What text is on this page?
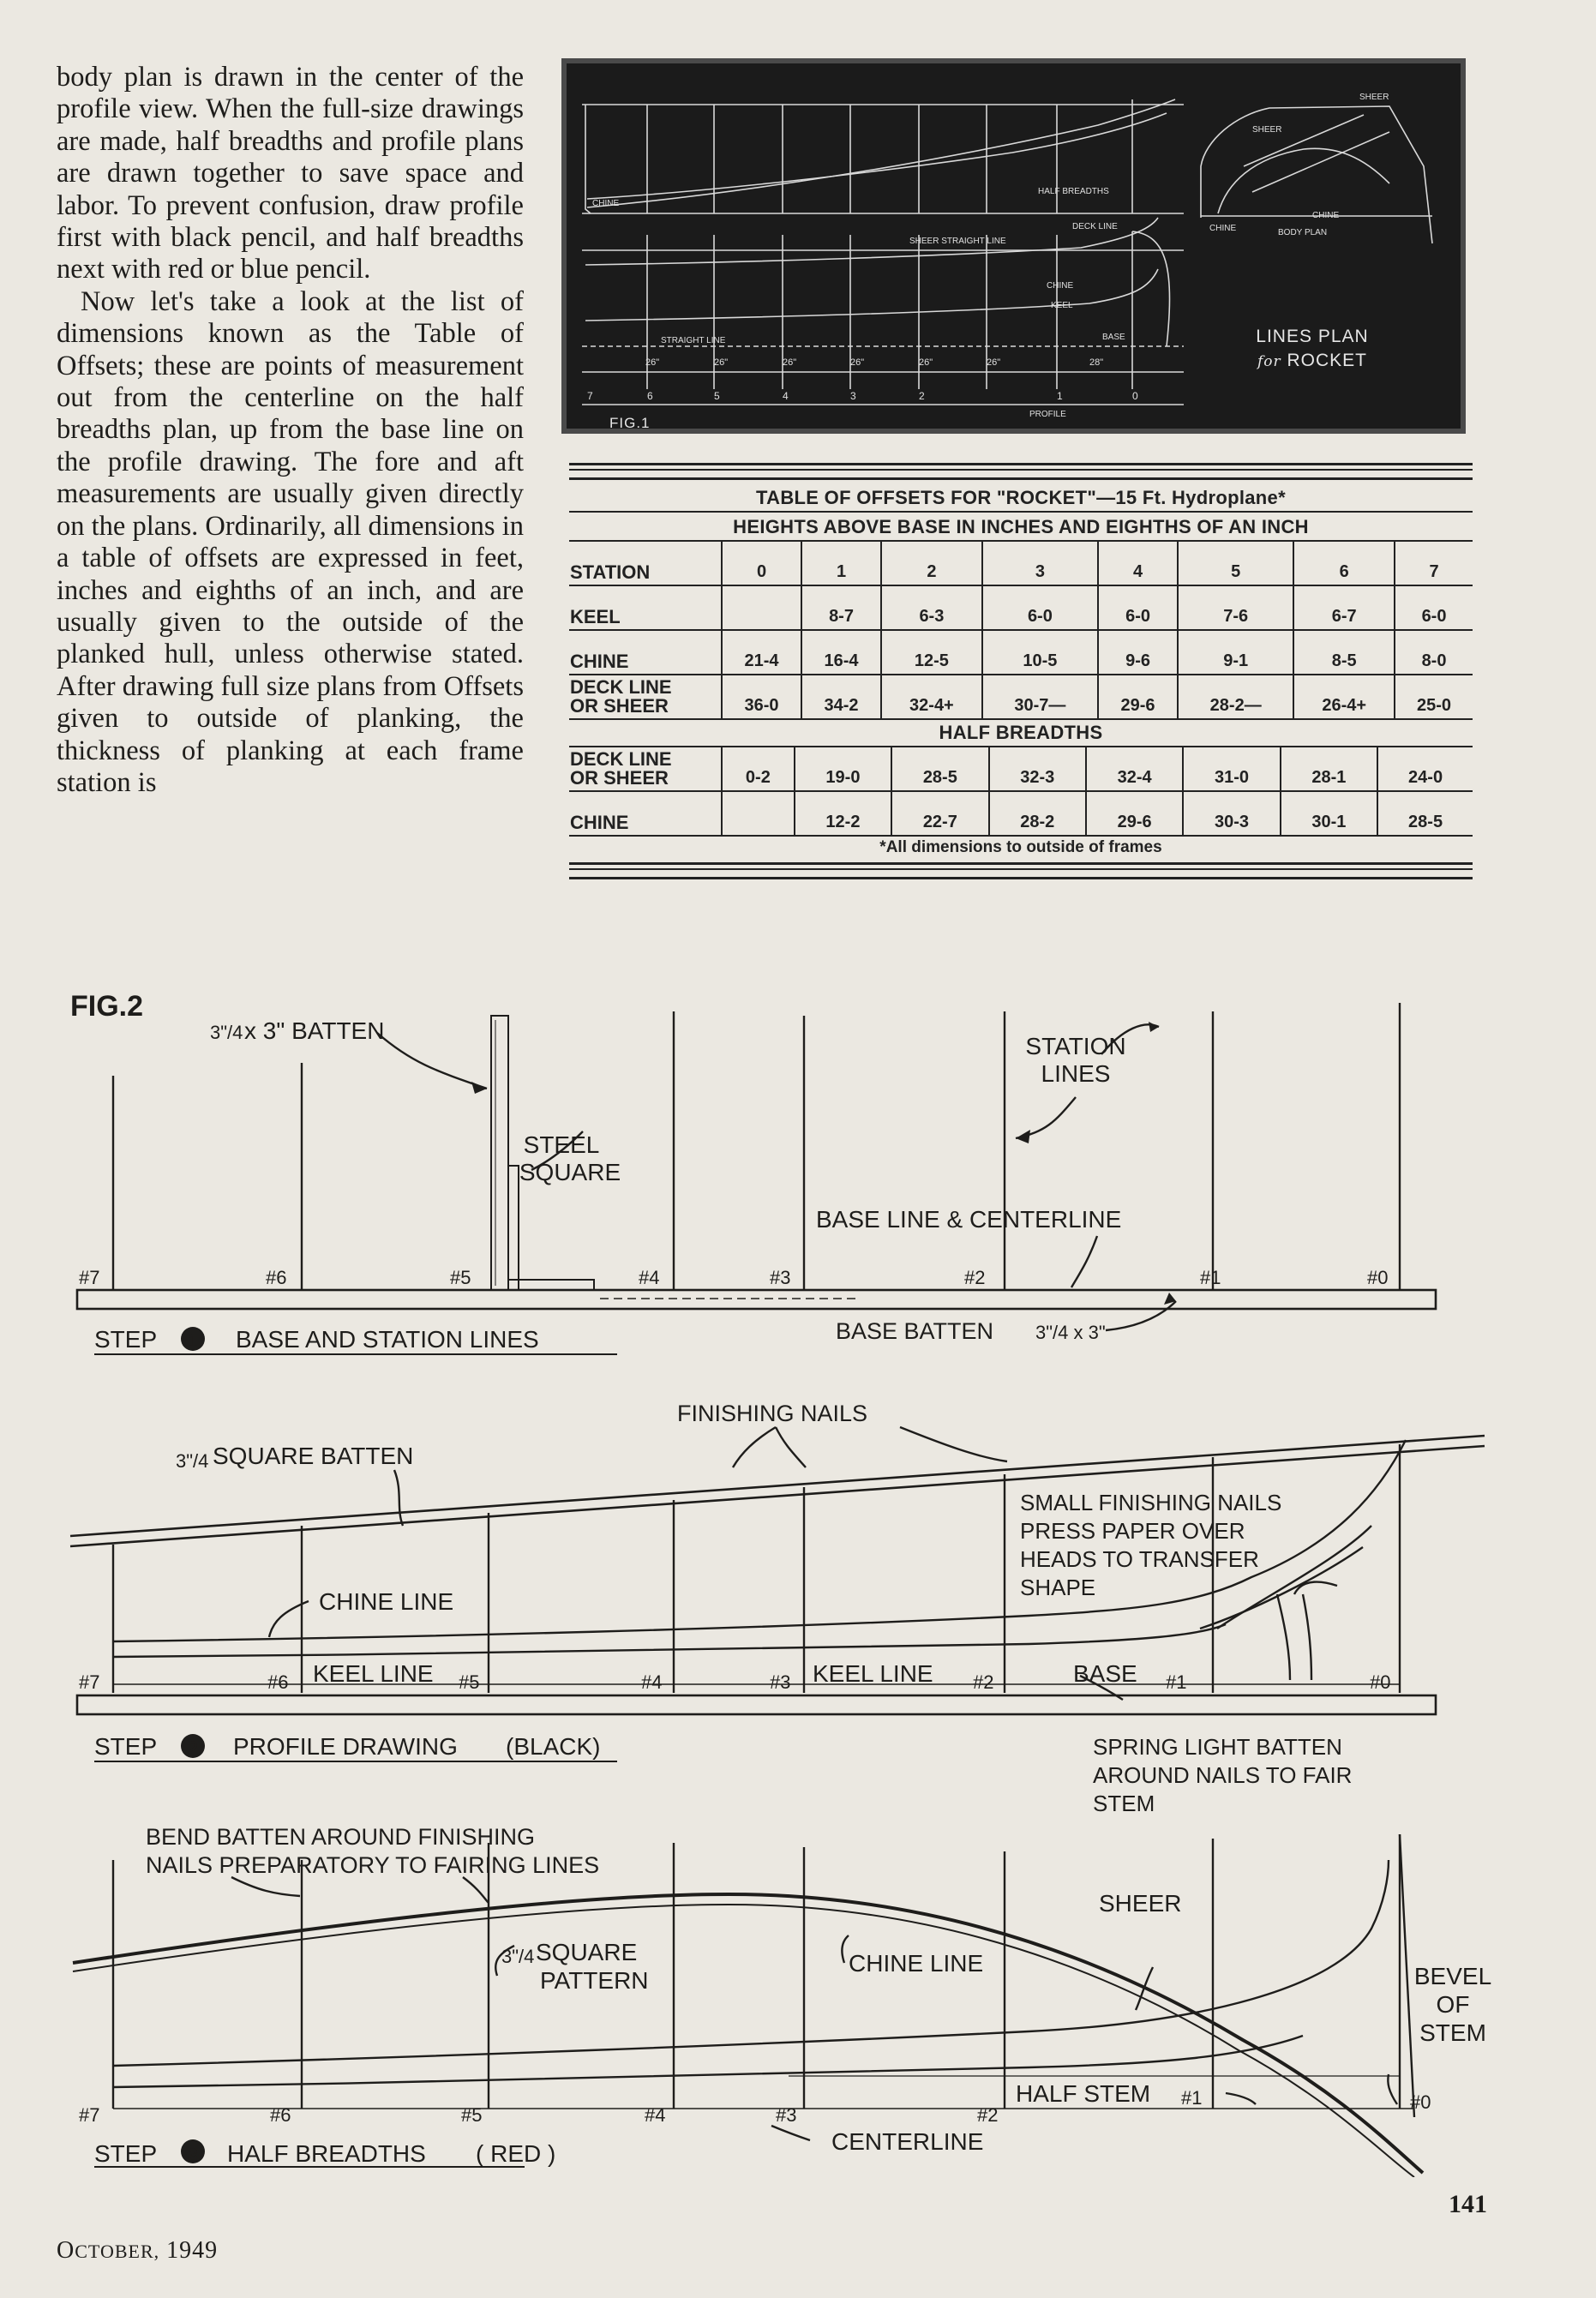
body plan is drawn in the center of the profile view. When the full-size drawings are made, half breadths and profile plans are drawn together to save space and labor. To prevent confusion, draw profile first with black pencil, and half breadths next with red or blue pencil.

Now let's take a look at the list of dimensions known as the Table of Offsets; these are points of measurement out from the centerline on the half breadths plan, up from the base line on the profile drawing. The fore and aft measurements are usually given directly on the plans. Ordinarily, all dimensions in a table of offsets are expressed in feet, inches and eighths of an inch, and are usually given to the outside of the planked hull, unless otherwise stated. After drawing full size plans from Offsets given to outside of planking, the thickness of planking at each frame station is

HALF BREADTHS
BODY PLAN
PROFILE
SHEER
SHEER
CHINE
CHINE
CHINE
CHINE
KEEL
BASE
STRAIGHT LINE
DECK LINE
SHEER STRAIGHT LINE
26"	26"	26"	26"	26"	26"	28"
7	6	5	4	3	2	1	0
FIG.1
LINES PLAN
for ROCKET
TABLE OF OFFSETS FOR "ROCKET"—15 Ft. Hydroplane*
HEIGHTS ABOVE BASE IN INCHES AND EIGHTHS OF AN INCH
STATION	0	1	2	3	4	5	6	7

KEEL		8-7	6-3	6-0	6-0	7-6	6-7	6-0

CHINE	21-4	16-4	12-5	10-5	9-6	9-1	8-5	8-0

DECK LINE
OR SHEER	36-0	34-2	32-4+	30-7—	29-6	28-2—	26-4+	25-0
HALF BREADTHS
DECK LINE
OR SHEER	0-2	19-0	28-5	32-3	32-4	31-0	28-1	24-0

CHINE		12-2	22-7	28-2	29-6	30-3	30-1	28-5
*All dimensions to outside of frames
FIG.2
3"/4 x 3" BATTEN
STEEL
SQUARE
STATION
LINES
BASE LINE & CENTERLINE
BASE BATTEN 3"/4 x 3"
STEP 1 BASE AND STATION LINES
#7	#6	#5	#4	#3	#2	#1	#0
FINISHING NAILS
3"/4 SQUARE BATTEN
SMALL FINISHING NAILS
PRESS PAPER OVER
HEADS TO TRANSFER
SHAPE
CHINE LINE
KEEL LINE	KEEL LINE	BASE
SPRING LIGHT BATTEN
AROUND NAILS TO FAIR
STEM
STEP 2 PROFILE DRAWING (BLACK)
#7	#6	#5	#4	#3	#2	#1	#0
BEND BATTEN AROUND FINISHING
NAILS PREPARATORY TO FAIRING LINES
3"/4 SQUARE
PATTERN
CHINE LINE
SHEER
BEVEL
OF
STEM
HALF STEM
CENTERLINE
STEP 3 HALF BREADTHS ( RED )
#7	#6	#5	#4	#3	#2
#1	#0
OCTOBER, 1949
141
